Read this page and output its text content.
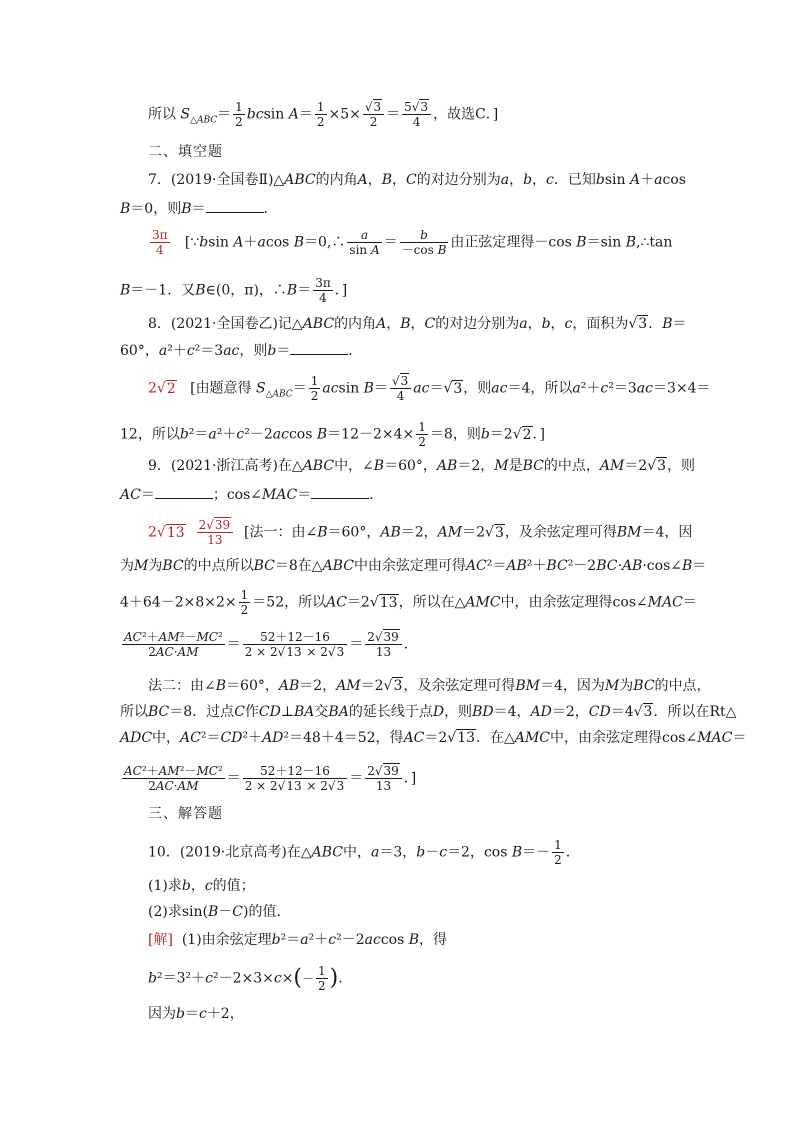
所以 $S_{\triangle ABC}= \frac{1}{2}$ bcsin $A= \frac{1}{2} \times 5\times \frac{√3}{2} = \frac{5√3}{4}$ ，故选C．]
二、填空题
7．(2019·全国卷Ⅱ)△ABC的内角A，B，C的对边分别为a，b，c．已知bsin A＋acos
B＝0，则B＝	．
$\frac{3\pi}{4}$ [∵bsin A＋acos B＝0,∴ $\frac{a}{\text{sin A}} = \frac{b}{\text{－cos B}}$ 由正弦定理得－cos B＝sin B,∴tan
B＝－1．又B∈(0，π)，∴B＝ $\frac{3\pi}{4}$ ．]
8．(2021·全国卷乙)记△ABC的内角A，B，C的对边分别为a，b，c，面积为√3．B＝
60°，a²＋c²＝3ac，则b＝	．
2√2   [由题意得 $S_{\triangle ABC}= \frac{1}{2}$ acsin $B= \frac{√3}{4} ac=√3$，则ac＝4，所以a²＋c²＝3ac＝3×4＝
12，所以b²＝a²＋c²－2accos $B=12-2\times 4\times \frac{1}{2} =8$，则b＝2√2．]
9．(2021·浙江高考)在△ABC中，∠B＝60°，AB＝2，M是BC的中点，AM＝2√3，则
AC＝	；cos∠MAC＝	．
$2√13 \frac{2√39}{13}$ [法一：由∠B＝60°，AB＝2，AM＝2√3，及余弦定理可得BM＝4，因
为M为BC的中点所以BC＝8在△ABC中由余弦定理可得AC²＝AB²＋BC²－2BC·AB·cos∠B＝
$4+64-2\times 8\times 2\times \frac{1}{2} =52$，所以AC＝2√13，所以在△AMC中，由余弦定理得cos∠MAC＝
$\frac{\text{AC²＋AM²－MC²}}{2AC\cdot AM} = \frac{52+12-16}{2 \times 2√13 \times 2√3} = \frac{2√39}{13}$ ．
法二：由∠B＝60°，AB＝2，AM＝2√3，及余弦定理可得BM＝4，因为M为BC的中点，
所以BC＝8．过点C作CD⊥BA交BA的延长线于点D，则BD＝4，AD＝2，CD＝4√3．所以在Rt△
ADC中，AC²＝CD²＋AD²＝48＋4＝52，得AC＝2√13．在△AMC中，由余弦定理得cos∠MAC＝
$\frac{\text{AC²＋AM²－MC²}}{2AC\cdot AM} = \frac{52+12-16}{2 \times 2√13 \times 2√3} = \frac{2√39}{13}$ ．]
三、解答题
10．(2019·北京高考)在△ABC中，a＝3，b－c＝2，$\cos B=- \frac{1}{2}$ ．
(1)求b，c的值；
(2)求sin(B－C)的值．
[解]  (1)由余弦定理b²＝a²＋c²－2accos B，得
$b^2=3^2+c^2-2\times 3\times c\times(- \frac{1}{2}$ )．
因为b＝c＋2，
